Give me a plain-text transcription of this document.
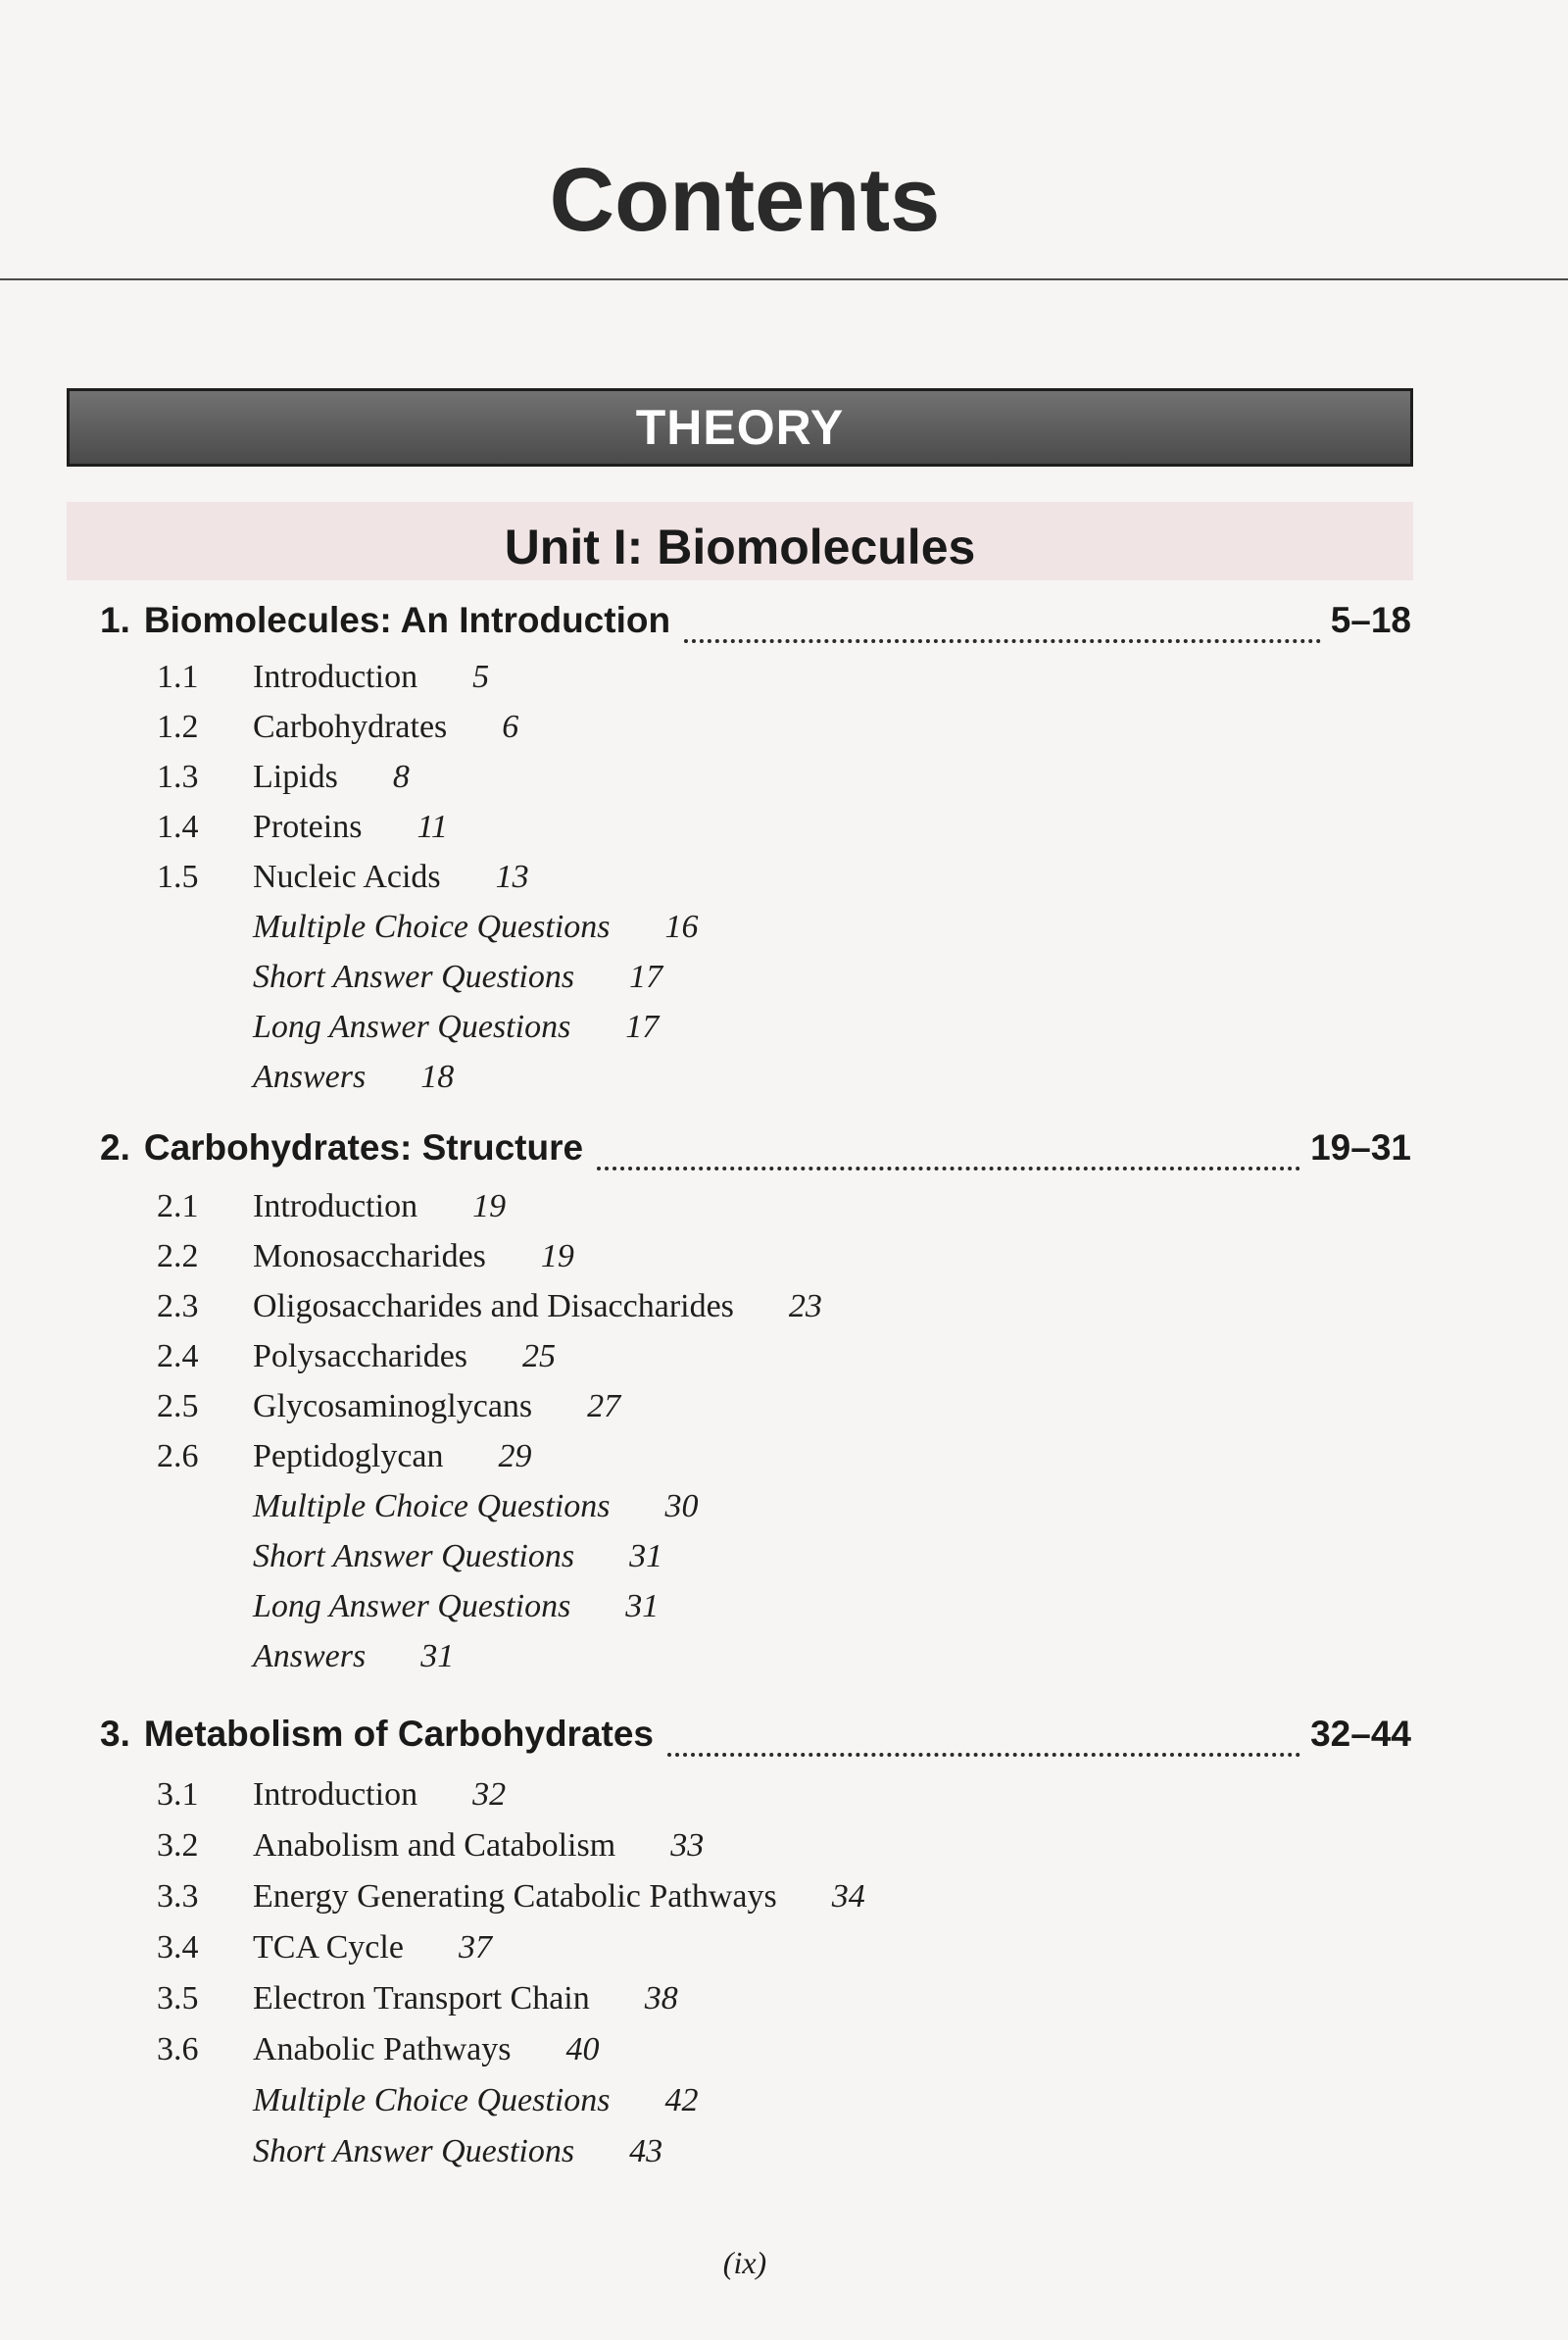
Contents
THEORY
Unit I: Biomolecules
1. Biomolecules: An Introduction	5–18
1.1 Introduction 5
1.2 Carbohydrates 6
1.3 Lipids 8
1.4 Proteins 11
1.5 Nucleic Acids 13
Multiple Choice Questions 16
Short Answer Questions 17
Long Answer Questions 17
Answers 18
2. Carbohydrates: Structure	19–31
2.1 Introduction 19
2.2 Monosaccharides 19
2.3 Oligosaccharides and Disaccharides 23
2.4 Polysaccharides 25
2.5 Glycosaminoglycans 27
2.6 Peptidoglycan 29
Multiple Choice Questions 30
Short Answer Questions 31
Long Answer Questions 31
Answers 31
3. Metabolism of Carbohydrates	32–44
3.1 Introduction 32
3.2 Anabolism and Catabolism 33
3.3 Energy Generating Catabolic Pathways 34
3.4 TCA Cycle 37
3.5 Electron Transport Chain 38
3.6 Anabolic Pathways 40
Multiple Choice Questions 42
Short Answer Questions 43
(ix)
